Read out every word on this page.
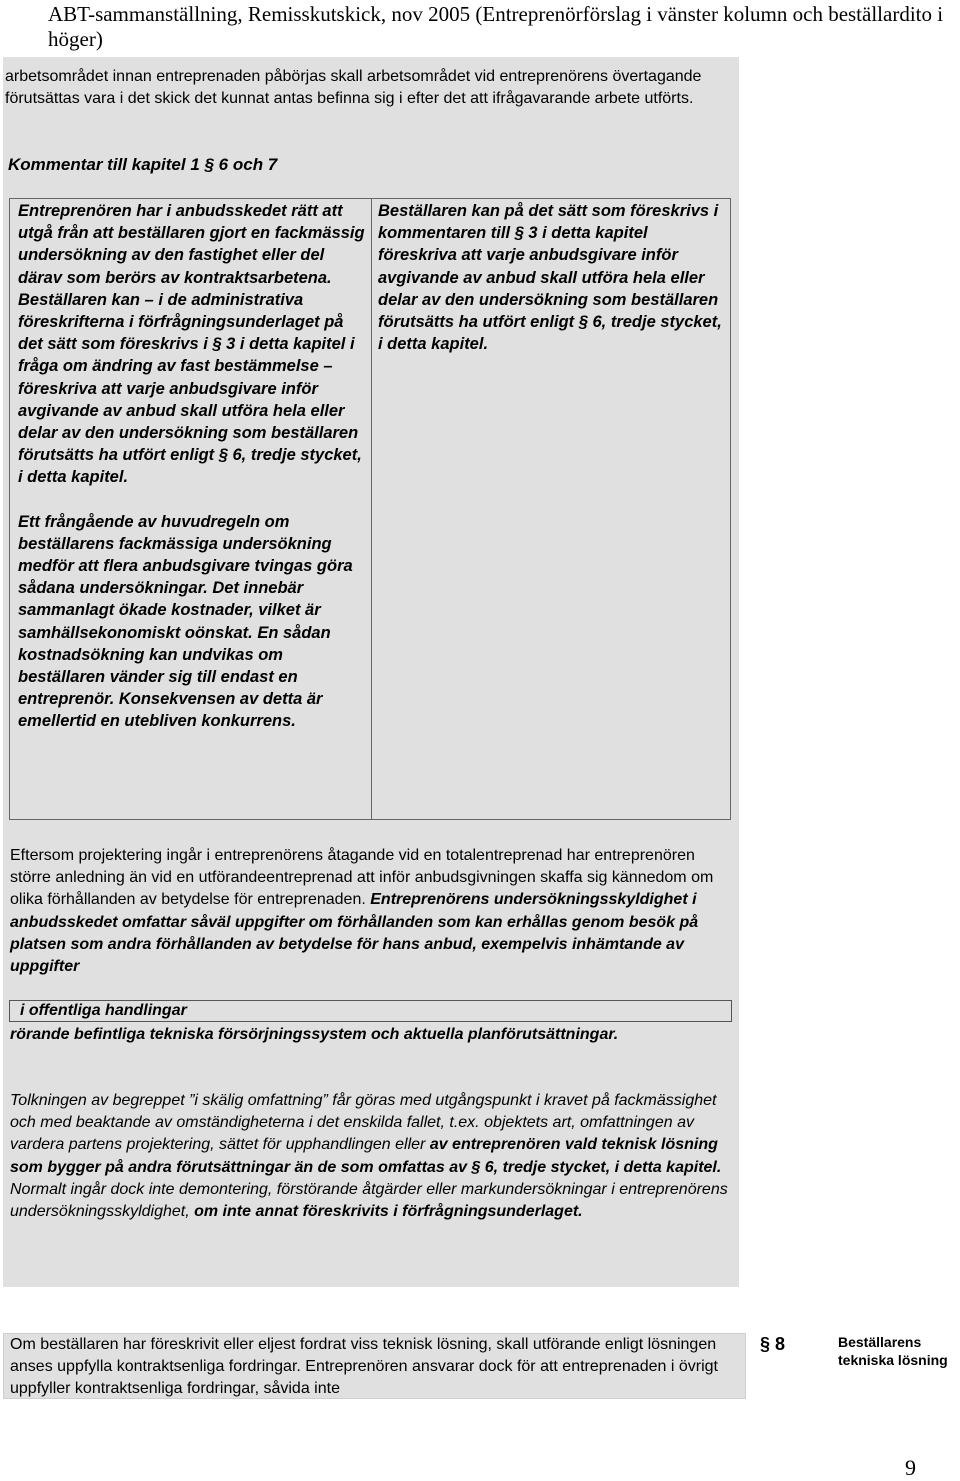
ABT-sammanställning, Remisskutskick, nov 2005 (Entreprenörförslag i vänster kolumn och beställardito i höger)
arbetsområdet innan entreprenaden påbörjas skall arbetsområdet vid entreprenörens övertagande förutsättas vara i det skick det kunnat antas befinna sig i efter det att ifrågavarande arbete utförts.
Kommentar till kapitel 1 § 6 och 7

Entreprenören har i anbudsskedet rätt att utgå från att beställaren gjort en fackmässig undersökning av den fastighet eller del därav som berörs av kontraktsarbetena. Beställaren kan – i de administrativa föreskrifterna i förfrågningsunderlaget på det sätt som föreskrivs i § 3 i detta kapitel i fråga om ändring av fast bestämmelse – föreskriva att varje anbudsgivare inför avgivande av anbud skall utföra hela eller delar av den undersökning som beställaren förutsätts ha utfört enligt § 6, tredje stycket, i detta kapitel.

Ett frångående av huvudregeln om beställarens fackmässiga undersökning medför att flera anbudsgivare tvingas göra sådana undersökningar. Det innebär sammanlagt ökade kostnader, vilket är samhällsekonomiskt oönskat. En sådan kostnadsökning kan undvikas om beställaren vänder sig till endast en entreprenör. Konsekvensen av detta är emellertid en utebliven konkurrens.

Beställaren kan på det sätt som föreskrivs i kommentaren till § 3 i detta kapitel föreskriva att varje anbudsgivare inför avgivande av anbud skall utföra hela eller delar av den undersökning som beställaren förutsätts ha utfört enligt § 6, tredje stycket, i detta kapitel.
Eftersom projektering ingår i entreprenörens åtagande vid en totalentreprenad har entreprenören större anledning än vid en utförandeentreprenad att inför anbudsgivningen skaffa sig kännedom om olika förhållanden av betydelse för entreprenaden. Entreprenörens undersökningsskyldighet i anbudsskedet omfattar såväl uppgifter om förhållanden som kan erhållas genom besök på platsen som andra förhållanden av betydelse för hans anbud, exempelvis inhämtande av uppgifter
i offentliga handlingar
rörande befintliga tekniska försörjningssystem och aktuella planförutsättningar.
Tolkningen av begreppet ”i skälig omfattning” får göras med utgångspunkt i kravet på fackmässighet och med beaktande av omständigheterna i det enskilda fallet, t.ex. objektets art, omfattningen av vardera partens projektering, sättet för upphandlingen eller av entreprenören vald teknisk lösning som bygger på andra förutsättningar än de som omfattas av § 6, tredje stycket, i detta kapitel. Normalt ingår dock inte demontering, förstörande åtgärder eller markundersökningar i entreprenörens undersökningsskyldighet, om inte annat föreskrivits i förfrågningsunderlaget.
Om beställaren har föreskrivit eller eljest fordrat viss teknisk lösning, skall utförande enligt lösningen anses uppfylla kontraktsenliga fordringar. Entreprenören ansvarar dock för att entreprenaden i övrigt uppfyller kontraktsenliga fordringar, såvida inte
§ 8	Beställarens tekniska lösning
9
